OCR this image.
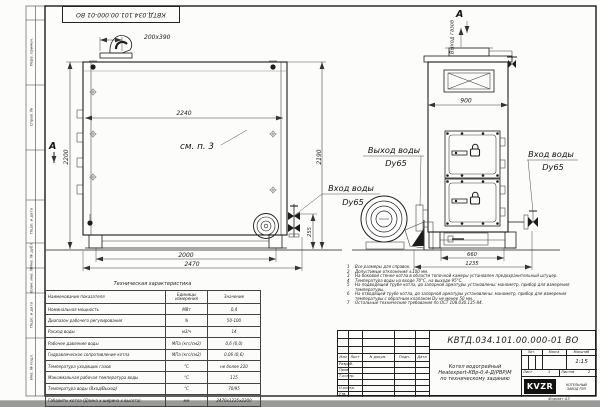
Перв. примен.
Справ. №
Подп. и дата
Инв. № дубл.
Взам. инв. №
Подп. и дата
Инв. № подл.
200х390
2240
2200	2190
255
2000
2470
А	см. п. 3
Вход воды
Dy65
А
Выход газов
900
660
1235
Выход воды
Dy65
Вход воды
Dy65
КВТД.034.101.00.000-01 ВО
1	Все размеры для справок.
2	Допустимые отклонения ±100 мм.
3	На боковой стенке котла в области топочной камеры установлен предохранительный штуцер.
4	Температура воды на входе 70°С, на выходе 95°С.
5	На подводящей трубе котла, до запорной арматуры установлены: манометр, прибор для измерения температуры.
6	На отводящей трубе котла, до запорной арматуры установлены: манометр, прибор для измерения температуры с обратным клапаном Dy не менее 50 мм.
7	Остальные технические требования по ОСТ 108.030.135-84.
Техническая характеристика
Наименование показателя	Единицы измерения	Значение
Номинальная мощность	МВт	0,4
Диапазон рабочего регулирования	%	50-100
Расход воды	м3/ч	14
Рабочее давление воды	МПа (кгс/см2)	0,6 (6,0)
Гидравлическое сопротивление котла	МПа (кгс/см2)	0,06 (0,6)
Температура уходящих газов	°С	не более 220
Максимальная рабочая температура воды	°С	115
Температура воды (Вход/Выход)	°С	70/95
Габариты котла (Длина х ширина х высота)	мм	2470х1235х2200
Изм	Лист	N докум.	Подп.	Дата
Разраб.
Пров.
Т.контр.
Н.контр.
Утв.
КВТД.034.101.00.000-01 ВО
Котел водогрейный
Heatexpert-КВр-0,4-Д(РВР)М
по техническому заданию
Лит.	Масса	Масштаб
1:15
Лист	1	Листов	2
KVZR	КОТЕЛЬНЫЙ
ЗАВОД РЭП
Формат А3
